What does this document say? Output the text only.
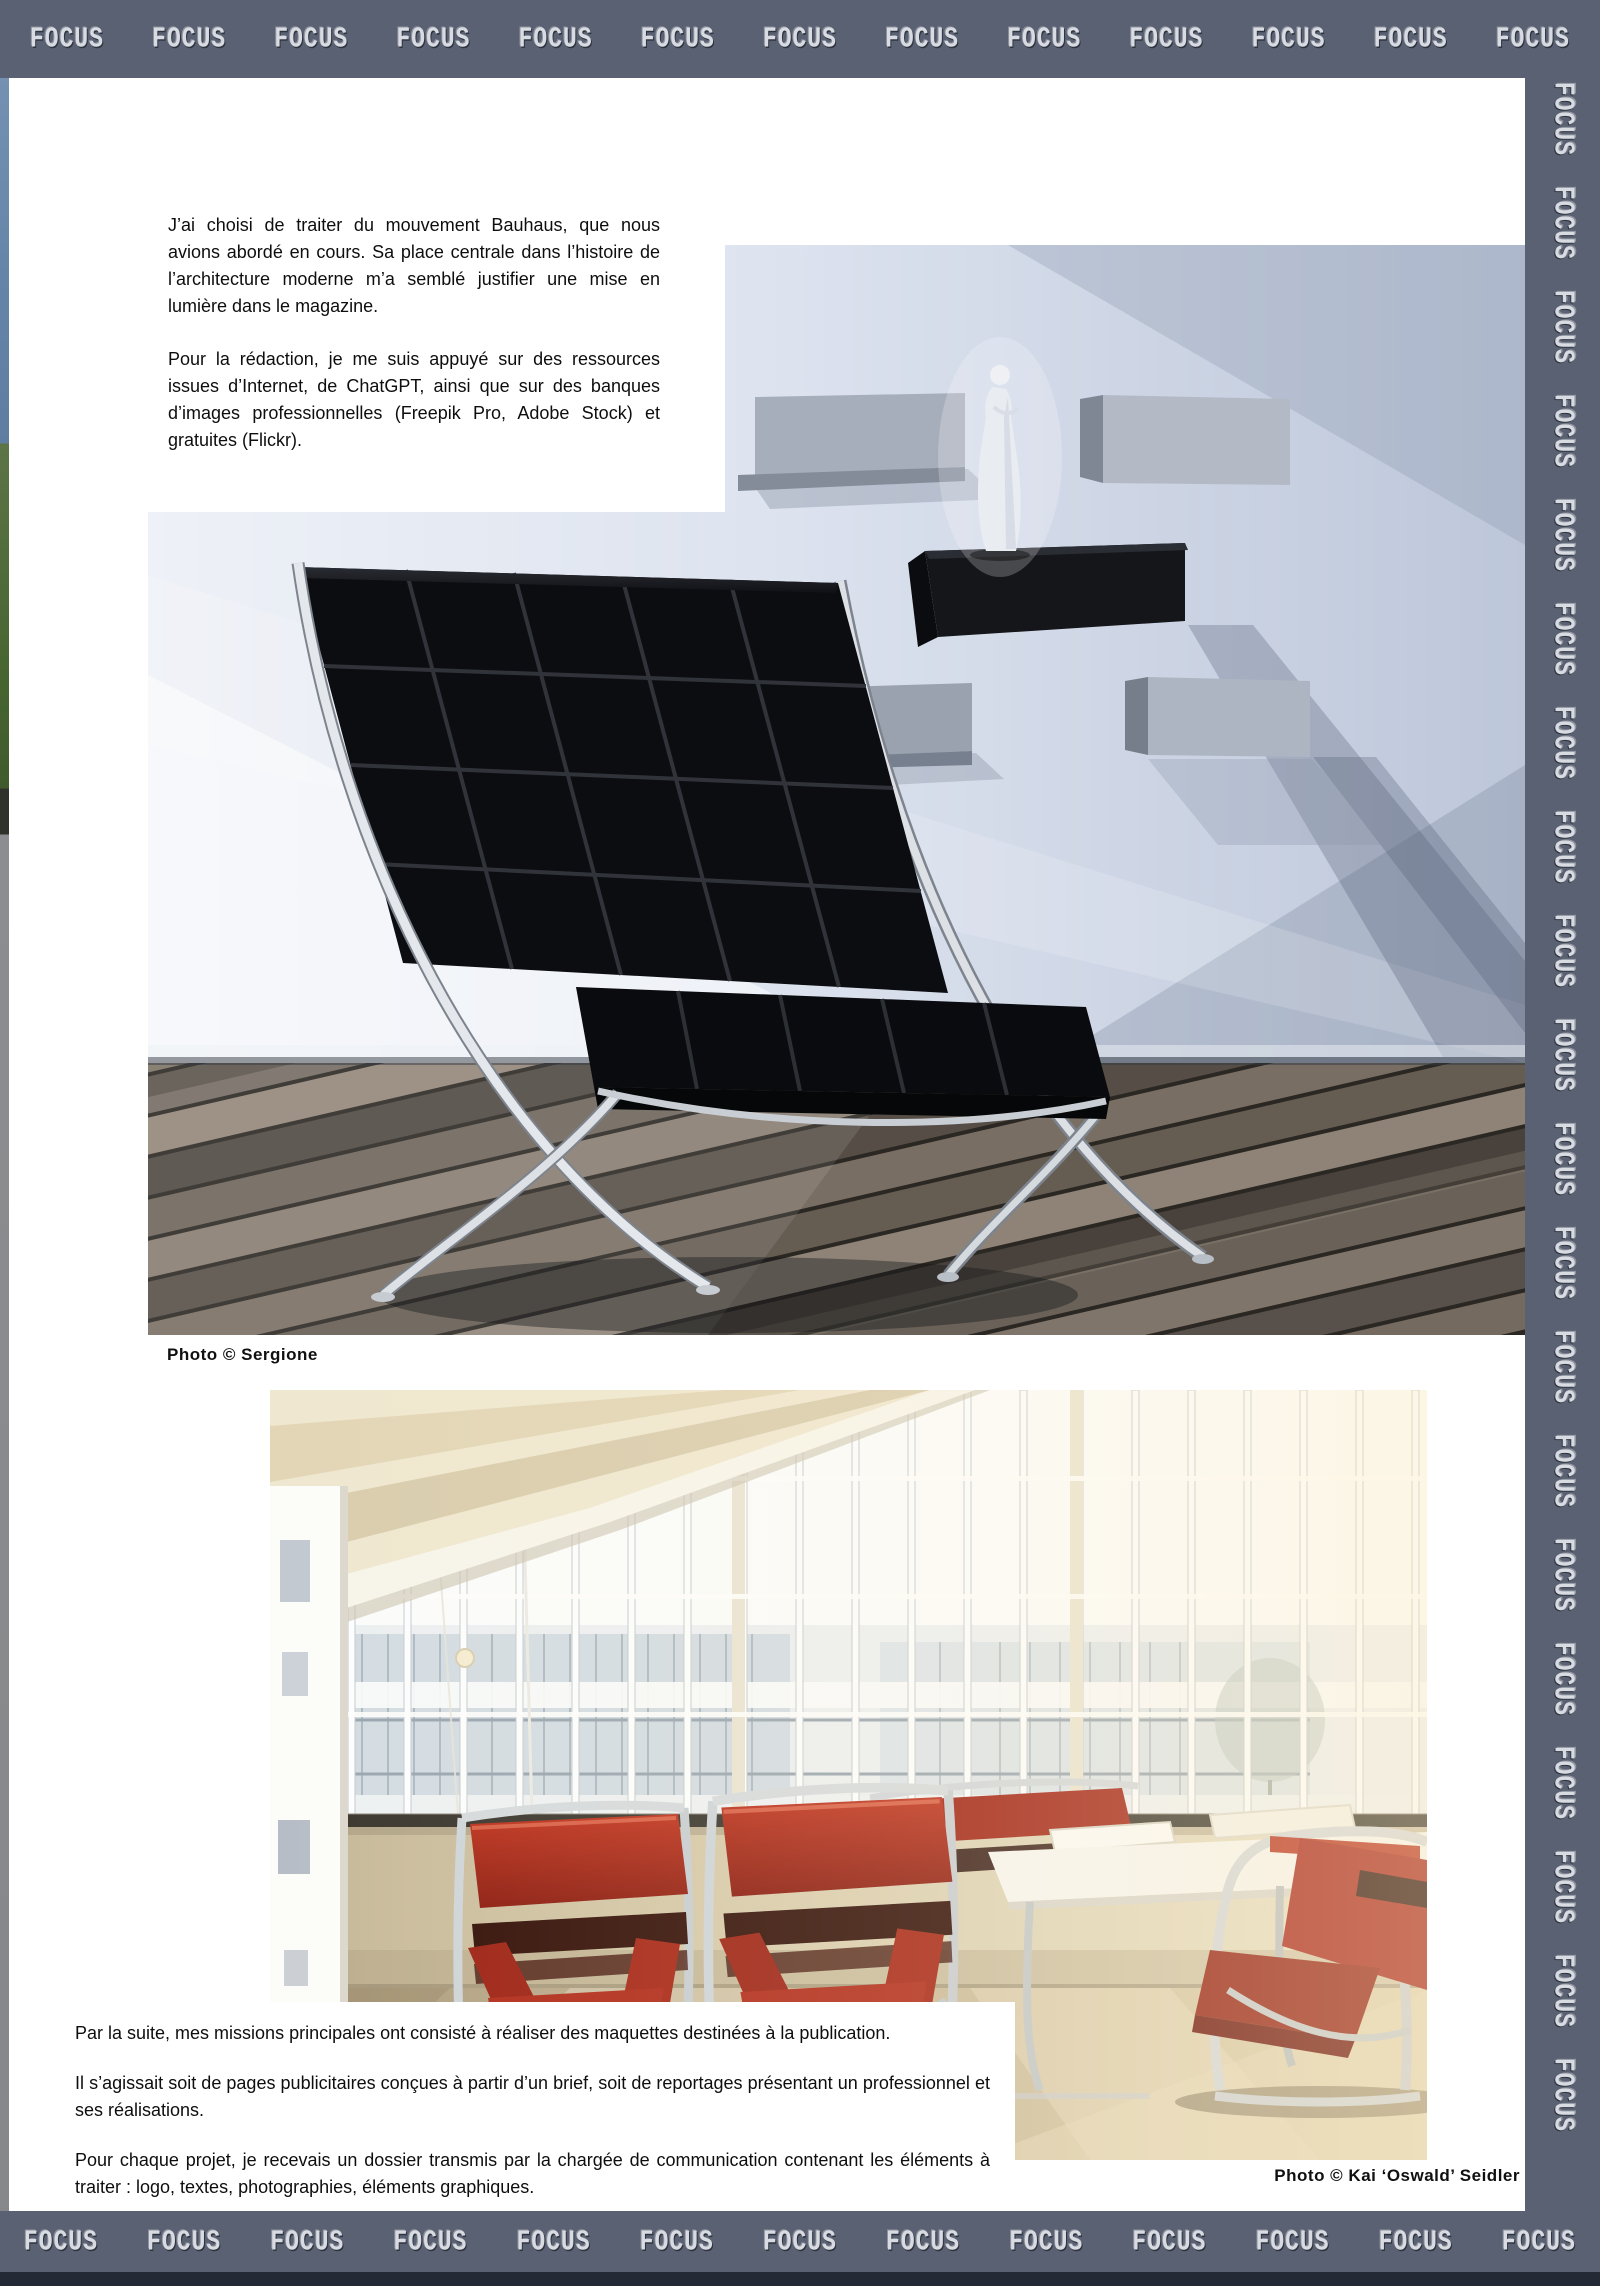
J’ai choisi de traiter du mouvement Bauhaus, que nous avions abordé en cours. Sa place centrale dans l’histoire de l’architecture moderne m’a semblé justifier une mise en lumière dans le magazine.

Pour la rédaction, je me suis appuyé sur des ressources issues d’Internet, de ChatGPT, ainsi que sur des banques d’images professionnelles (Freepik Pro, Adobe Stock) et gratuites (Flickr).

Photo © Sergione

Par la suite, mes missions principales ont consisté à réaliser des maquettes destinées à la publication.

Il s’agissait soit de pages publicitaires conçues à partir d’un brief, soit de reportages présentant un professionnel et ses réalisations.

Pour chaque projet, je recevais un dossier transmis par la chargée de communication contenant les éléments à traiter : logo, textes, photographies, éléments graphiques.

Photo © Kai ‘Oswald’ Seidler
FOCUS FOCUS FOCUS FOCUS FOCUS FOCUS FOCUS FOCUS FOCUS FOCUS FOCUS FOCUS FOCUS
FOCUS
FOCUS
FOCUS
FOCUS
FOCUS
FOCUS
FOCUS
FOCUS
FOCUS
FOCUS
FOCUS
FOCUS
FOCUS
FOCUS
FOCUS
FOCUS
FOCUS
FOCUS
FOCUS
FOCUS
FOCUS FOCUS FOCUS FOCUS FOCUS FOCUS FOCUS FOCUS FOCUS FOCUS FOCUS FOCUS FOCUS
